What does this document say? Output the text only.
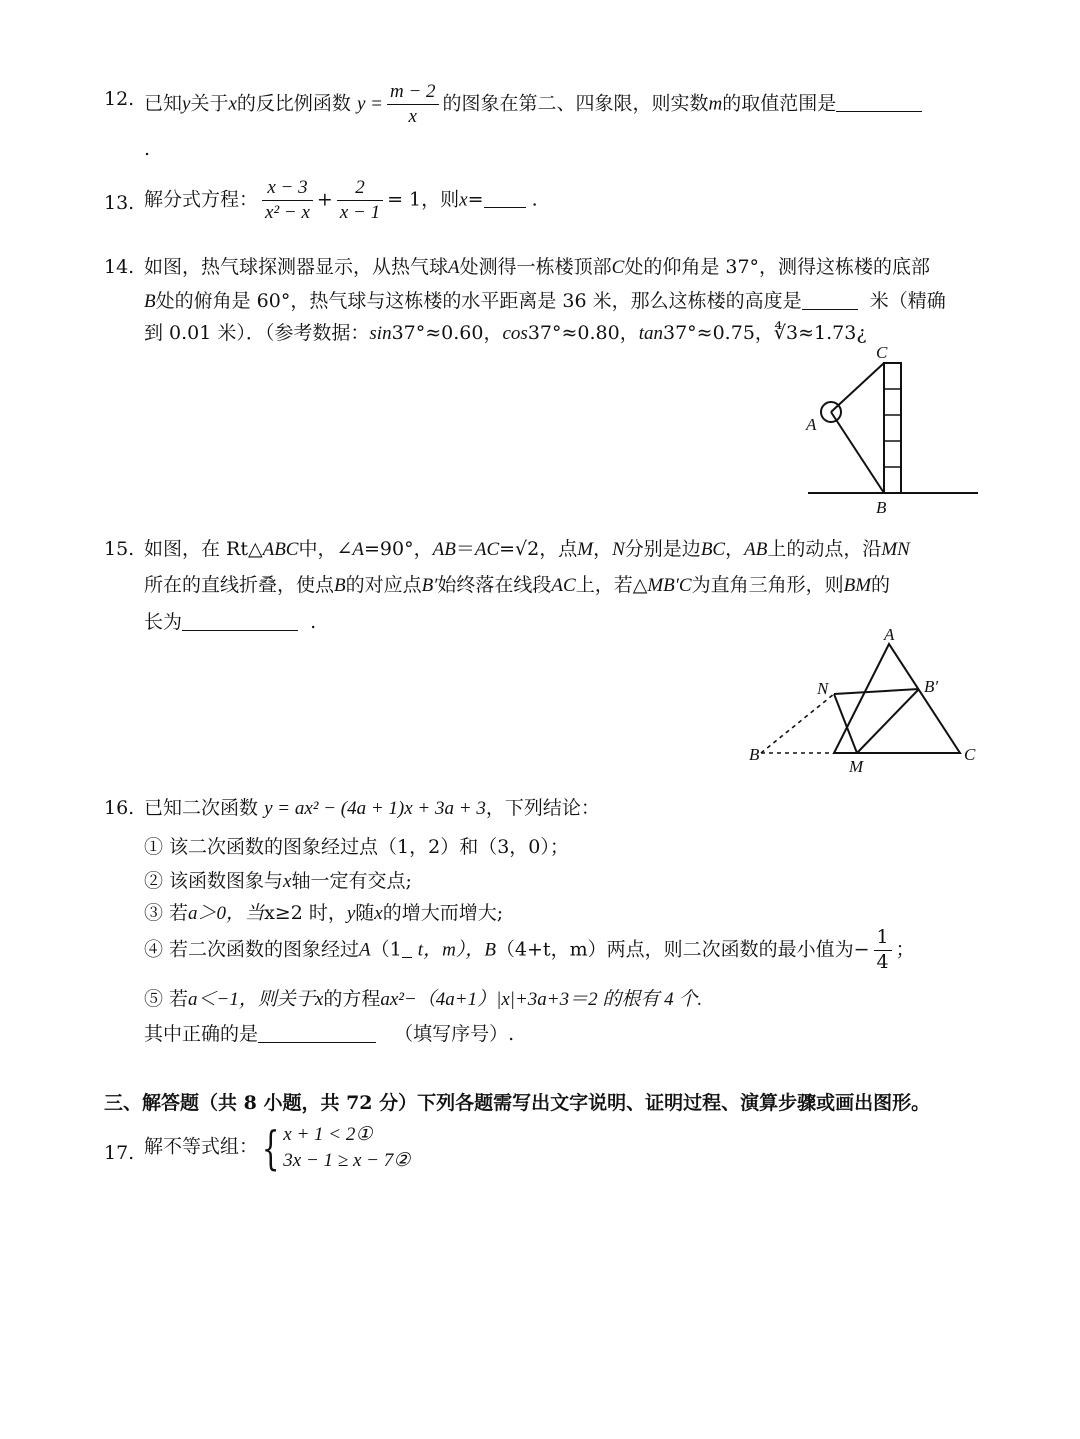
12. 已知y关于x的反比例函数 $y = \frac{m - 2}{x}$ 的图象在第二、四象限，则实数m的取值范围是
.
13. 解分式方程： $\frac{x - 3}{\text{x² − x}} + \frac{2}{x - 1} = 1$，则x=	.
14. 如图，热气球探测器显示，从热气球A处测得一栋楼顶部C处的仰角是 37°，测得这栋楼的底部
B处的俯角是 60°，热气球与这栋楼的水平距离是 36 米，那么这栋楼的高度是	米（精确
到 0.01 米）．（参考数据：sin37°≈0.60，cos37°≈0.80，tan37°≈0.75，∜3≈1.73¿
C
A
B
15. 如图，在 Rt△ABC中，∠A=90°，AB＝AC=√2，点M，N分别是边BC，AB上的动点，沿MN
所在的直线折叠，使点B的对应点B′始终落在线段AC上，若△MB′C为直角三角形，则BM的
长为	.
A
N	B′
B
M
C
16. 已知二次函数 y = ax² − (4a + 1)x + 3a + 3，下列结论：
① 该二次函数的图象经过点（1，2）和（3，0）；
② 该函数图象与x轴一定有交点;
③ 若a＞0，当x≥2 时，y随x的增大而增大;
④ 若二次函数的图象经过A（1 t，m），B（4+t，m）两点，则二次函数的最小值为− $\frac{1}{4}$ ；
⑤ 若a＜−1，则关于x的方程ax²−（4a+1）|x|+3a+3＝2 的根有 4 个.
其中正确的是	（填写序号）.
三、解答题（共 8 小题，共 72 分）下列各题需写出文字说明、证明过程、演算步骤或画出图形。
17. 解不等式组：{ x + 1 < 2①
3x − 1 ≥ x − 7②
